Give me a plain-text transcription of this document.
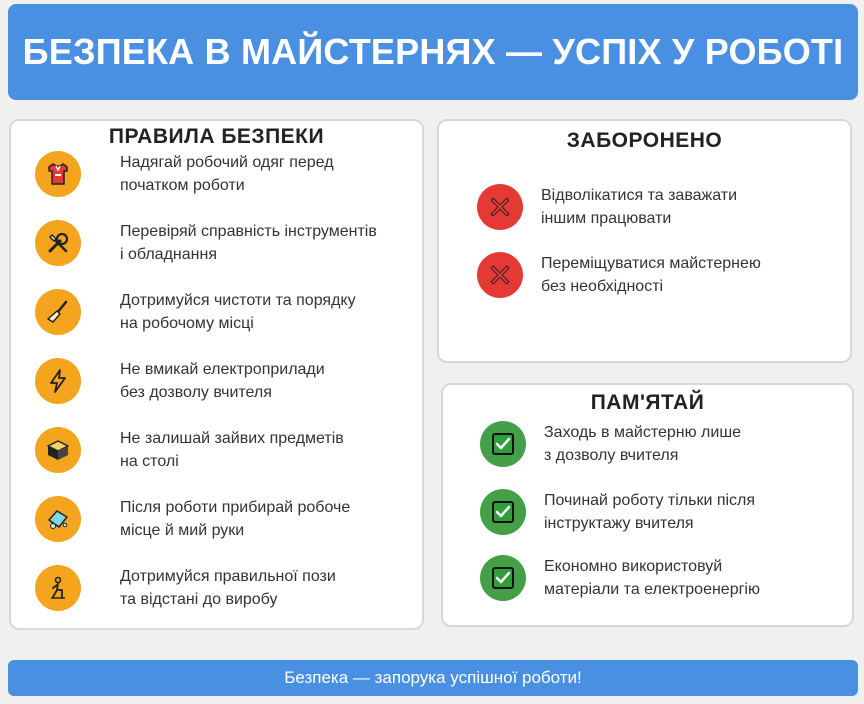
БЕЗПЕКА В МАЙСТЕРНЯХ — УСПІХ У РОБОТІ
ПРАВИЛА БЕЗПЕКИ
Надягай робочий одяг перед
початком роботи
Перевіряй справність інструментів
і обладнання
Дотримуйся чистоти та порядку
на робочому місці
Не вмикай електроприлади
без дозволу вчителя
Не залишай зайвих предметів
на столі
Після роботи прибирай робоче
місце й мий руки
Дотримуйся правильної пози
та відстані до виробу
ЗАБОРОНЕНО
Відволікатися та заважати
іншим працювати
Переміщуватися майстернею
без необхідності
ПАМ'ЯТАЙ
Заходь в майстерню лише
з дозволу вчителя
Починай роботу тільки після
інструктажу вчителя
Економно використовуй
матеріали та електроенергію
Безпека — запорука успішної роботи!
